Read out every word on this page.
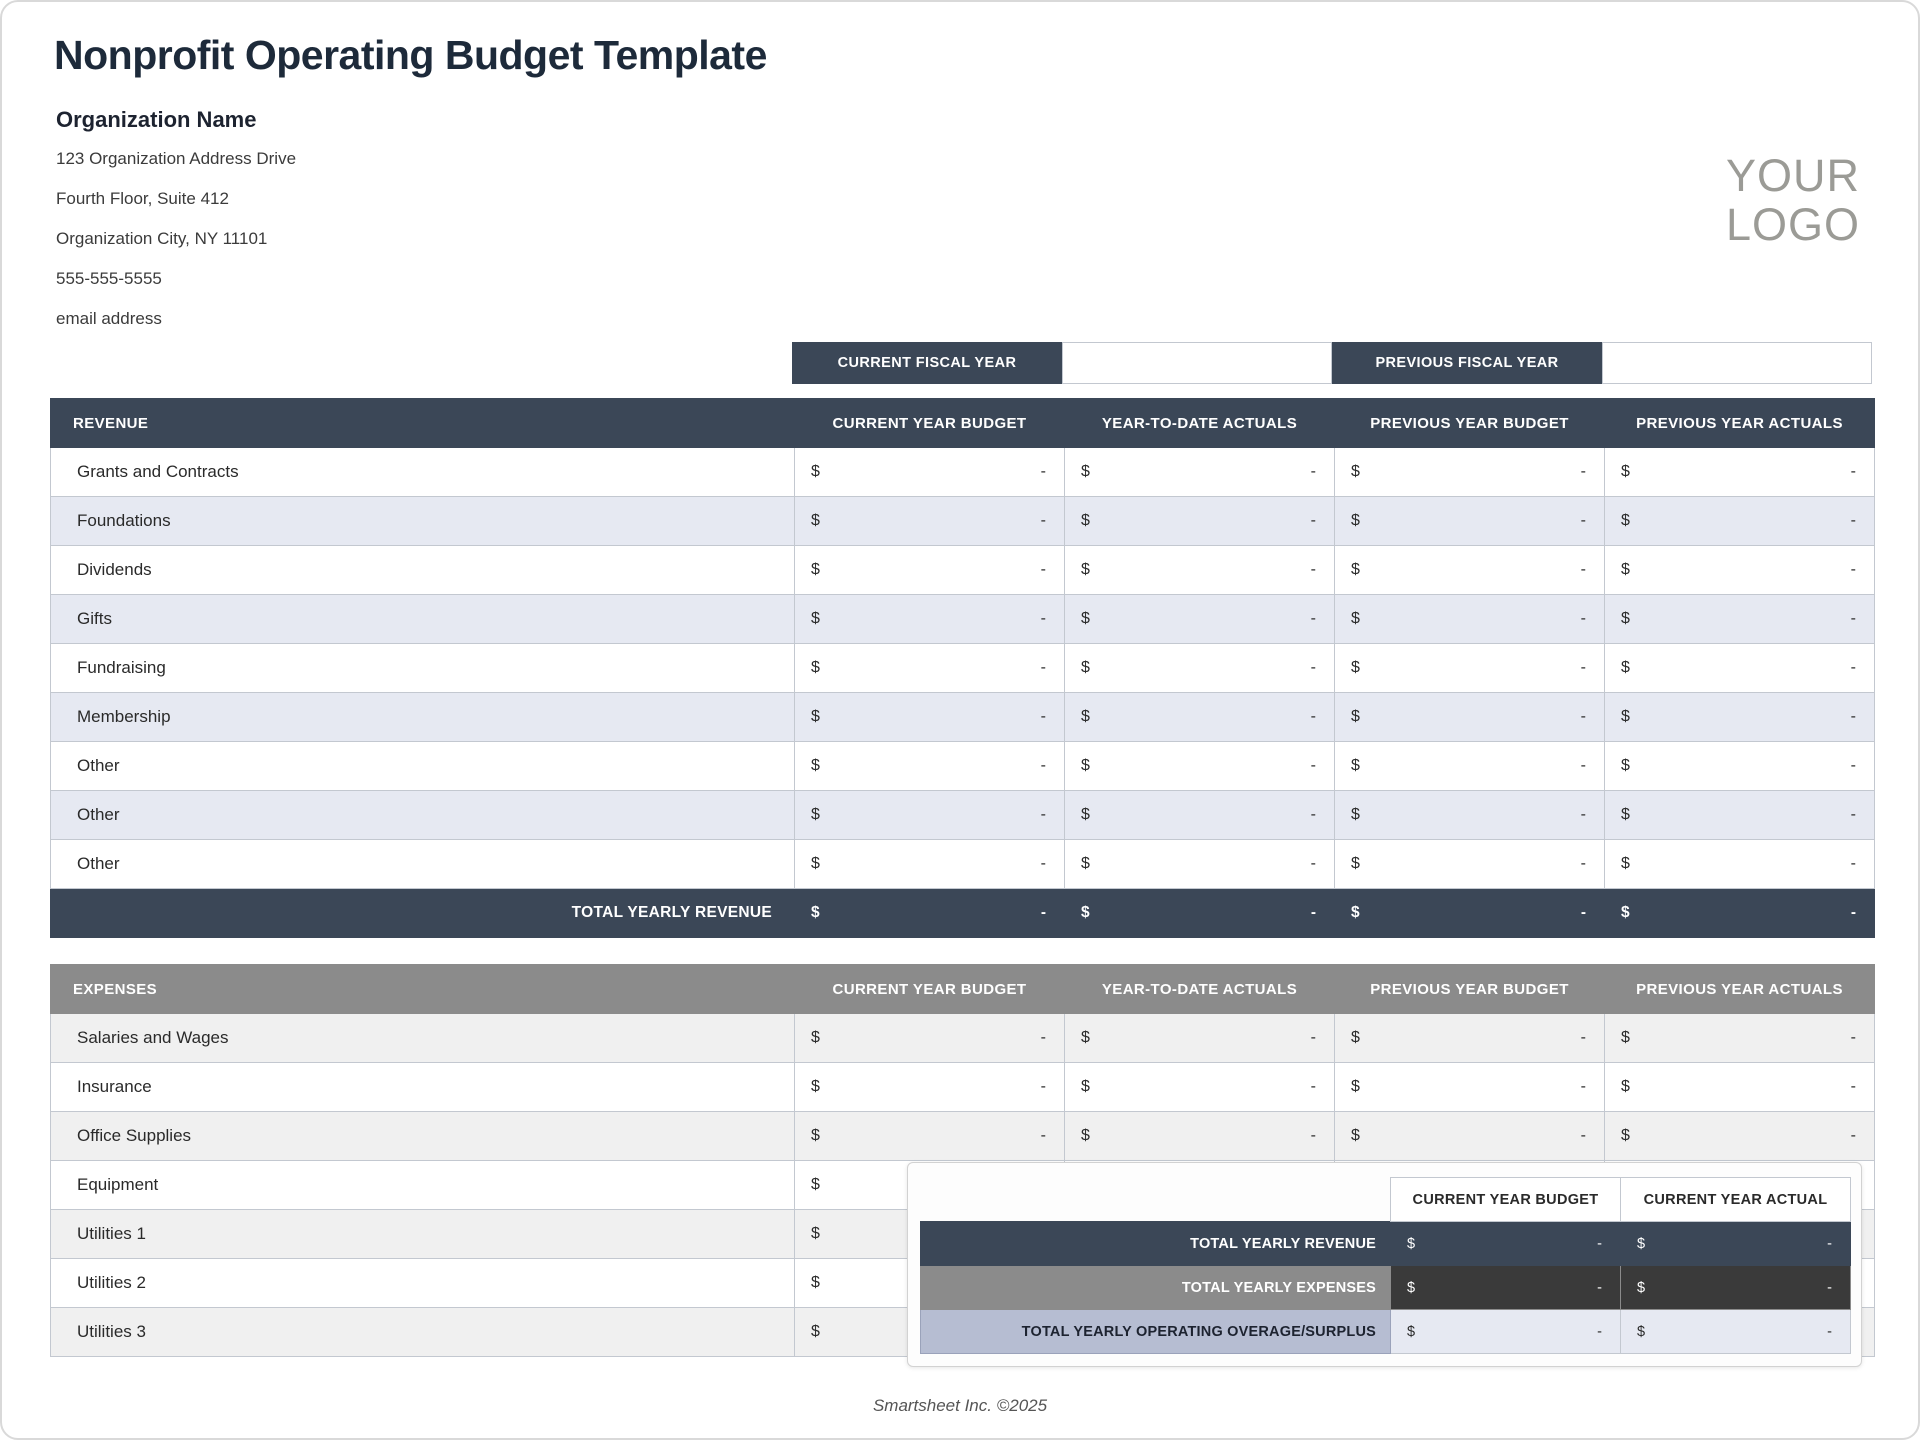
Nonprofit Operating Budget Template
Organization Name
123 Organization Address Drive
Fourth Floor, Suite 412
Organization City, NY 11101
555-555-5555
email address
YOUR
LOGO
CURRENT FISCAL YEAR	PREVIOUS FISCAL YEAR
REVENUE	CURRENT YEAR BUDGET	YEAR-TO-DATE ACTUALS	PREVIOUS YEAR BUDGET	PREVIOUS YEAR ACTUALS
Grants and Contracts	$ -	$ -	$ -	$ -

Foundations	$ -	$ -	$ -	$ -

Dividends	$ -	$ -	$ -	$ -

Gifts	$ -	$ -	$ -	$ -

Fundraising	$ -	$ -	$ -	$ -

Membership	$ -	$ -	$ -	$ -

Other	$ -	$ -	$ -	$ -

Other	$ -	$ -	$ -	$ -

Other	$ -	$ -	$ -	$ -

TOTAL YEARLY REVENUE	$ -	$ -	$ -	$ -
EXPENSES	CURRENT YEAR BUDGET	YEAR-TO-DATE ACTUALS	PREVIOUS YEAR BUDGET	PREVIOUS YEAR ACTUALS
Salaries and Wages	$ -	$ -	$ -	$ -

Insurance	$ -	$ -	$ -	$ -

Office Supplies	$ -	$ -	$ -	$ -

Equipment	$			

Utilities 1	$			

Utilities 2	$			

Utilities 3	$			

	CURRENT YEAR BUDGET	CURRENT YEAR ACTUAL
TOTAL YEARLY REVENUE	$ -	$ -

TOTAL YEARLY EXPENSES	$ -	$ -

TOTAL YEARLY OPERATING OVERAGE/SURPLUS	$ -	$ -
Smartsheet Inc. ©2025
